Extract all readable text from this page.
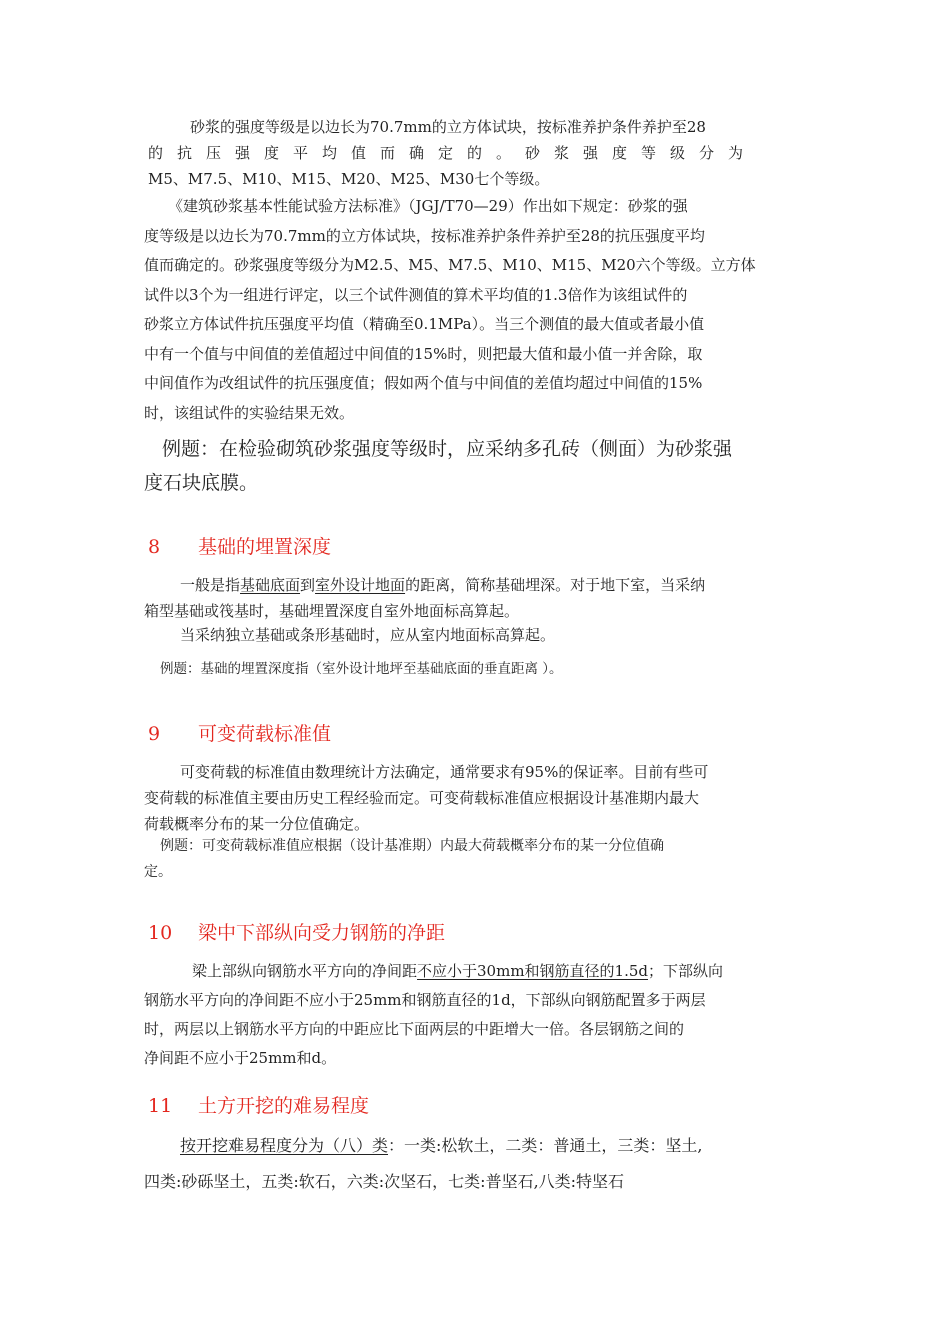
砂浆的强度等级是以边长为70.7mm的立方体试块，按标准养护条件养护至28
的抗压强度平均值而确定的。砂浆强度等级分为
M5、M7.5、M10、M15、M20、M25、M30七个等级。
《建筑砂浆基本性能试验方法标准》（JGJ/T70—29）作出如下规定：砂浆的强
度等级是以边长为70.7mm的立方体试块，按标准养护条件养护至28的抗压强度平均
值而确定的。砂浆强度等级分为M2.5、M5、M7.5、M10、M15、M20六个等级。立方体
试件以3个为一组进行评定，以三个试件测值的算术平均值的1.3倍作为该组试件的
砂浆立方体试件抗压强度平均值（精确至0.1MPa）。当三个测值的最大值或者最小值
中有一个值与中间值的差值超过中间值的15%时，则把最大值和最小值一并舍除，取
中间值作为改组试件的抗压强度值；假如两个值与中间值的差值均超过中间值的15%
时，该组试件的实验结果无效。
例题：在检验砌筑砂浆强度等级时，应采纳多孔砖（侧面）为砂浆强
度石块底膜。
8 基础的埋置深度
一般是指基础底面到室外设计地面的距离，简称基础埋深。对于地下室，当采纳
箱型基础或筏基时，基础埋置深度自室外地面标高算起。
当采纳独立基础或条形基础时，应从室内地面标高算起。
例题：基础的埋置深度指（室外设计地坪至基础底面的垂直距离 ）。
9 可变荷载标准值
可变荷载的标准值由数理统计方法确定，通常要求有95%的保证率。目前有些可
变荷载的标准值主要由历史工程经验而定。可变荷载标准值应根据设计基准期内最大
荷载概率分布的某一分位值确定。
例题：可变荷载标准值应根据（设计基准期）内最大荷载概率分布的某一分位值确
定。
10 梁中下部纵向受力钢筋的净距
梁上部纵向钢筋水平方向的净间距不应小于30mm和钢筋直径的1.5d；下部纵向
钢筋水平方向的净间距不应小于25mm和钢筋直径的1d，下部纵向钢筋配置多于两层
时，两层以上钢筋水平方向的中距应比下面两层的中距增大一倍。各层钢筋之间的
净间距不应小于25mm和d。
11 土方开挖的难易程度
按开挖难易程度分为（八）类：一类:松软土，二类：普通土，三类：坚土,
四类:砂砾坚土，五类:软石，六类:次坚石，七类:普坚石,八类:特坚石
